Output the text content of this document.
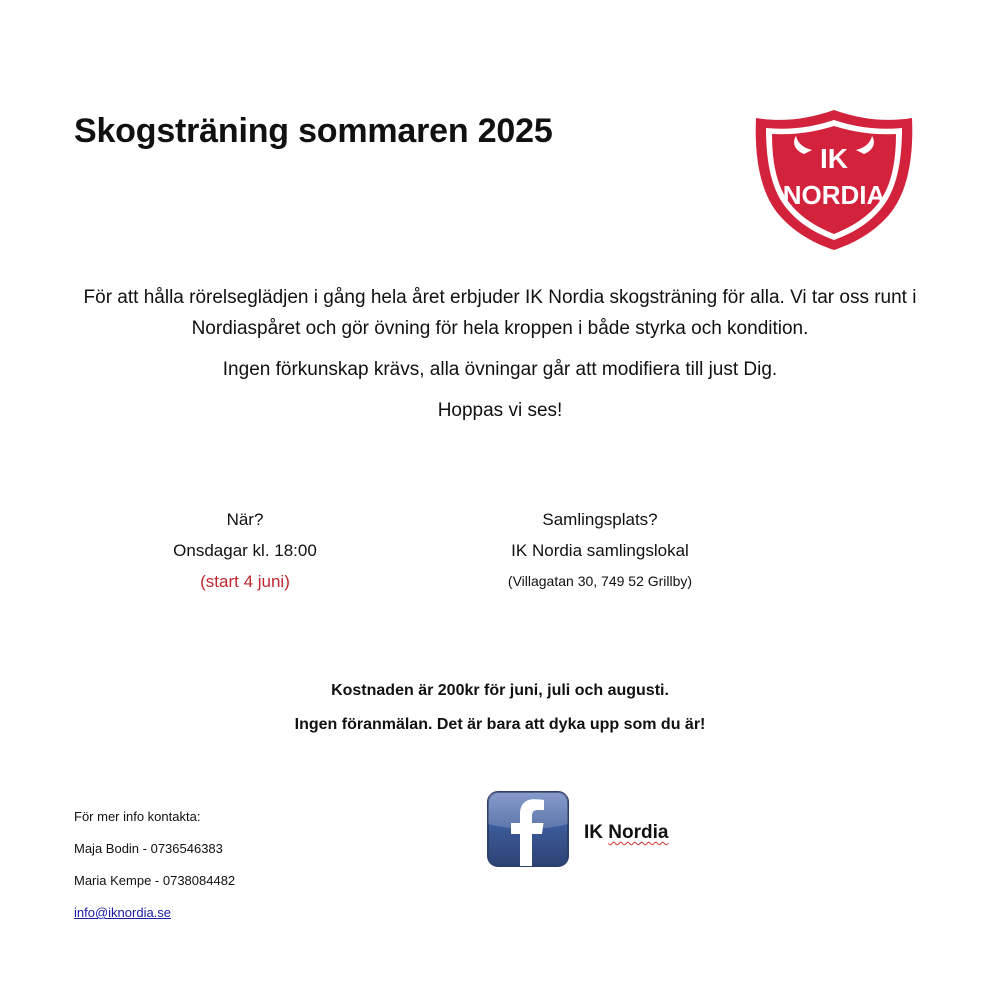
Skogsträning sommaren 2025
IK
NORDIA

För att hålla rörelseglädjen i gång hela året erbjuder IK Nordia skogsträning för alla. Vi tar oss runt i Nordiaspåret och gör övning för hela kroppen i både styrka och kondition.

Ingen förkunskap krävs, alla övningar går att modifiera till just Dig.

Hoppas vi ses!

När?
Onsdagar kl. 18:00
(start 4 juni)
Samlingsplats?
IK Nordia samlingslokal
(Villagatan 30, 749 52 Grillby)
Kostnaden är 200kr för juni, juli och augusti.
Ingen föranmälan. Det är bara att dyka upp som du är!
För mer info kontakta:
Maja Bodin - 0736546383
Maria Kempe - 0738084482
info@iknordia.se
IK Nordia
